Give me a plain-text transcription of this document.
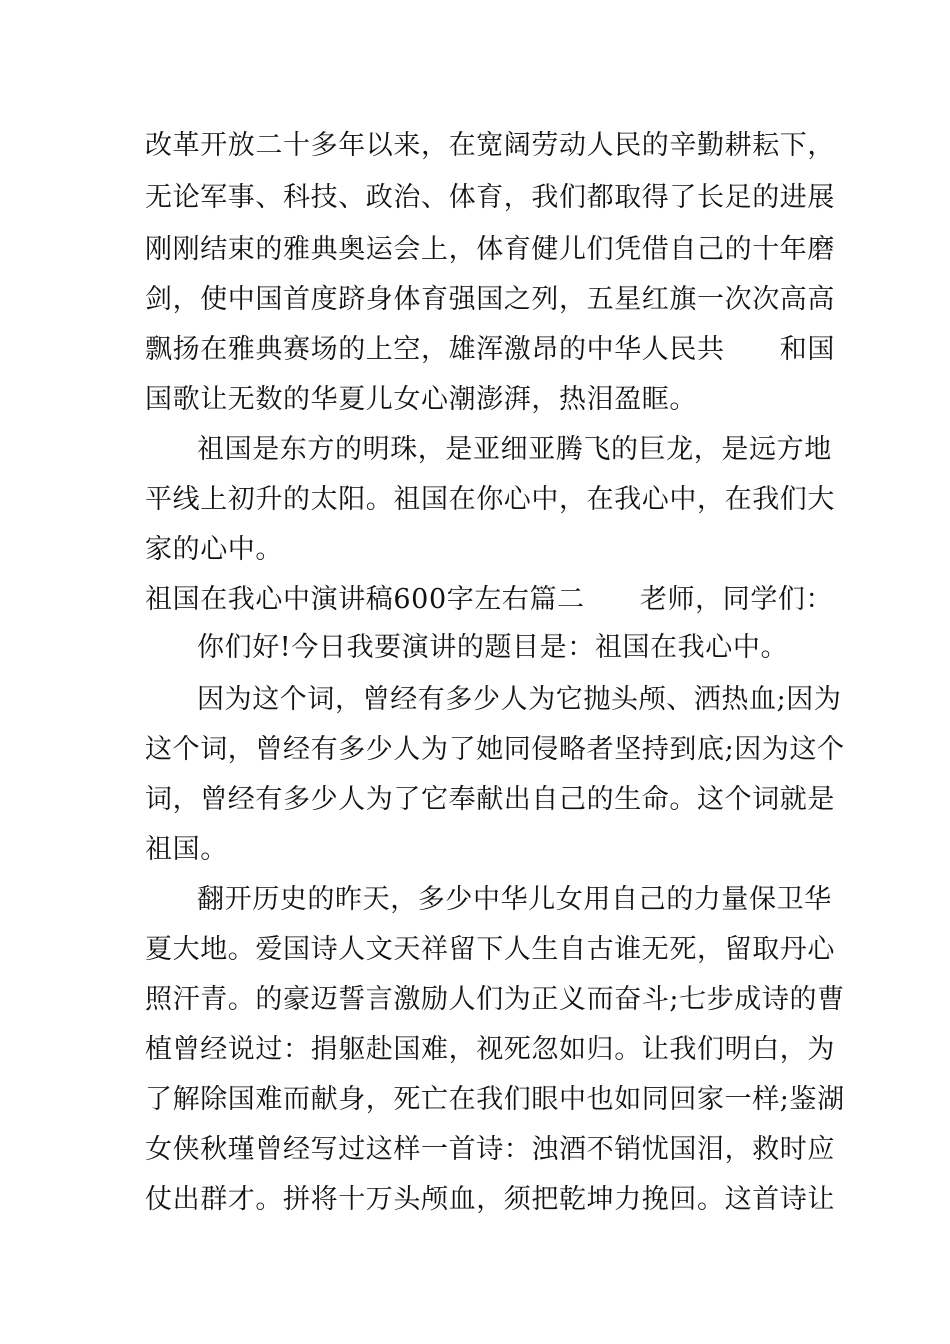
改革开放二十多年以来，在宽阔劳动人民的辛勤耕耘下，
无论军事、科技、政治、体育，我们都取得了长足的进展
刚刚结束的雅典奥运会上，体育健儿们凭借自己的十年磨
剑，使中国首度跻身体育强国之列，五星红旗一次次高高
飘扬在雅典赛场的上空，雄浑激昂的中华人民共　　和国
国歌让无数的华夏儿女心潮澎湃，热泪盈眶。
祖国是东方的明珠，是亚细亚腾飞的巨龙，是远方地
平线上初升的太阳。祖国在你心中，在我心中，在我们大
家的心中。
祖国在我心中演讲稿600字左右篇二　　老师，同学们：
你们好!今日我要演讲的题目是：祖国在我心中。
因为这个词，曾经有多少人为它抛头颅、洒热血;因为
这个词，曾经有多少人为了她同侵略者坚持到底;因为这个
词，曾经有多少人为了它奉献出自己的生命。这个词就是
祖国。
翻开历史的昨天，多少中华儿女用自己的力量保卫华
夏大地。爱国诗人文天祥留下人生自古谁无死，留取丹心
照汗青。的豪迈誓言激励人们为正义而奋斗;七步成诗的曹
植曾经说过：捐躯赴国难，视死忽如归。让我们明白，为
了解除国难而献身，死亡在我们眼中也如同回家一样;鉴湖
女侠秋瑾曾经写过这样一首诗：浊酒不销忧国泪，救时应
仗出群才。拼将十万头颅血，须把乾坤力挽回。这首诗让
